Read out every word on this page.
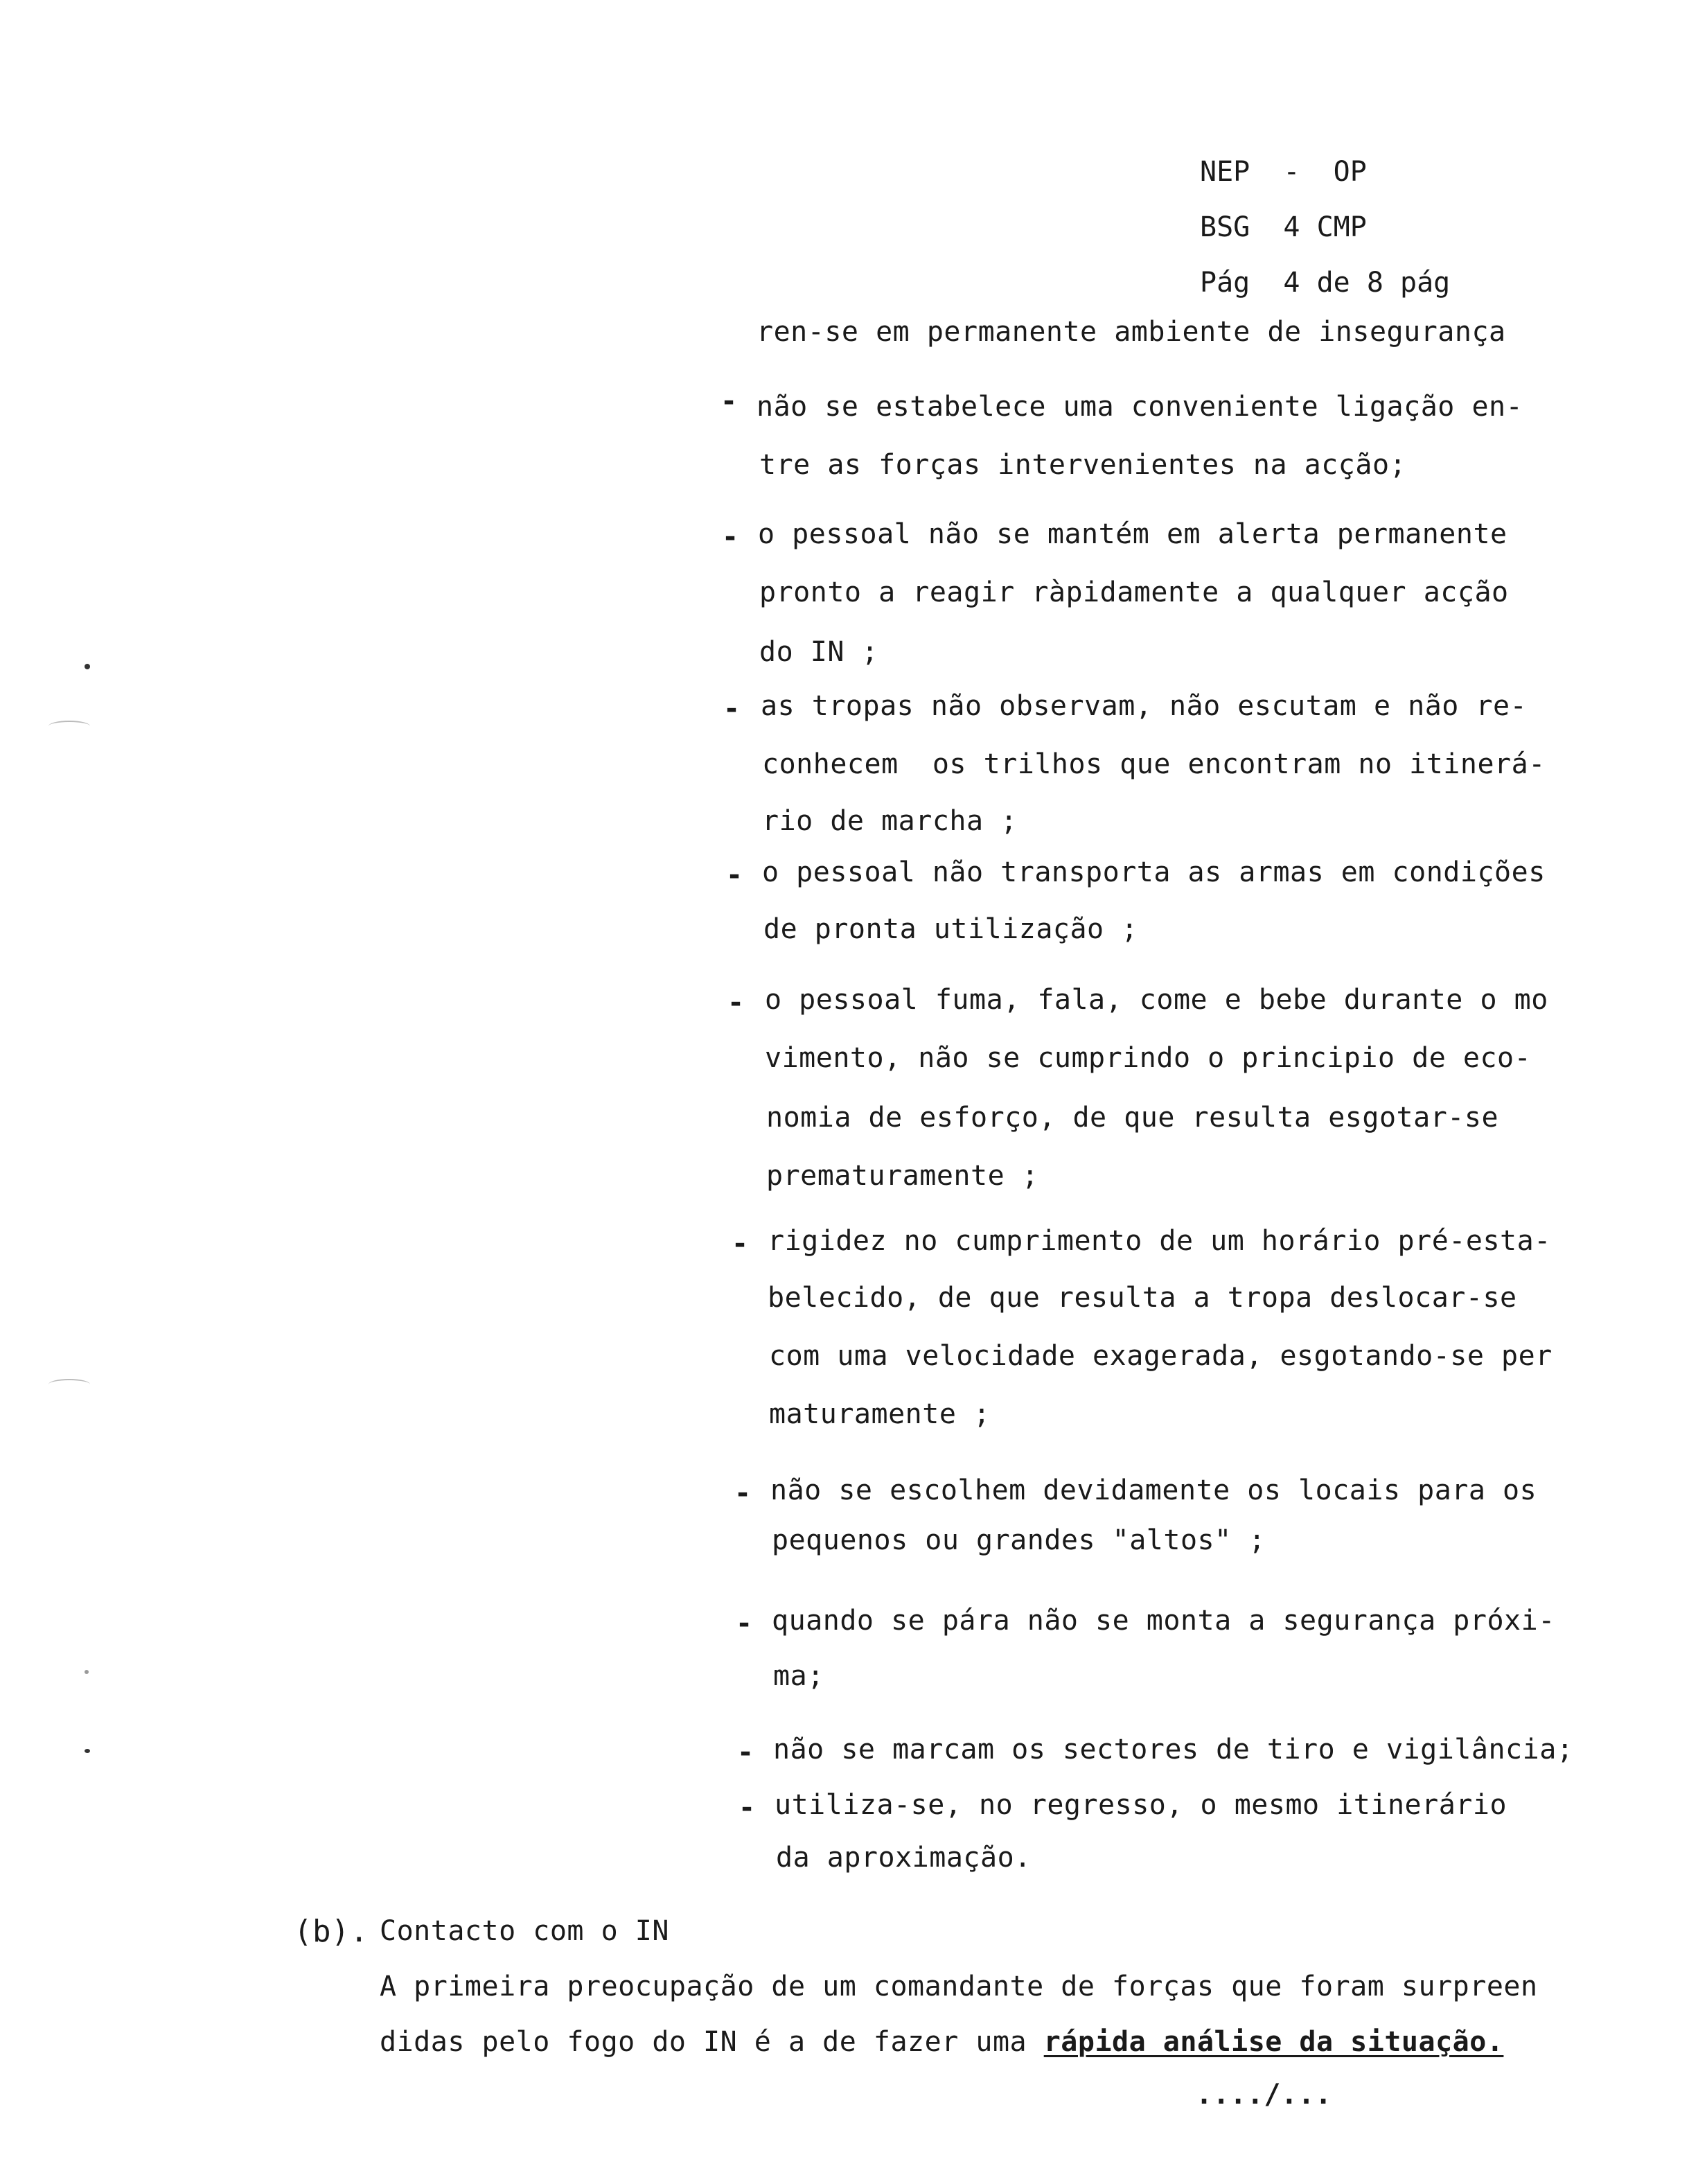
NEP  -  OP
BSG  4 CMP
Pág  4 de 8 pág
ren-se em permanente ambiente de insegurança
- não se estabelece uma conveniente ligação en-
tre as forças intervenientes na acção;
- o pessoal não se mantém em alerta permanente
pronto a reagir ràpidamente a qualquer acção
do IN ;
- as tropas não observam, não escutam e não re-
conhecem  os trilhos que encontram no itinerá-
rio de marcha ;
- o pessoal não transporta as armas em condições
de pronta utilização ;
- o pessoal fuma, fala, come e bebe durante o mo
vimento, não se cumprindo o principio de eco-
nomia de esforço, de que resulta esgotar-se
prematuramente ;
- rigidez no cumprimento de um horário pré-esta-
belecido, de que resulta a tropa deslocar-se
com uma velocidade exagerada, esgotando-se per
maturamente ;
- não se escolhem devidamente os locais para os
pequenos ou grandes "altos" ;
- quando se pára não se monta a segurança próxi-
ma;
- não se marcam os sectores de tiro e vigilância;
- utiliza-se, no regresso, o mesmo itinerário
da aproximação.
(b). Contacto com o IN
A primeira preocupação de um comandante de forças que foram surpreen
didas pelo fogo do IN é a de fazer uma rápida análise da situação.
..../...
